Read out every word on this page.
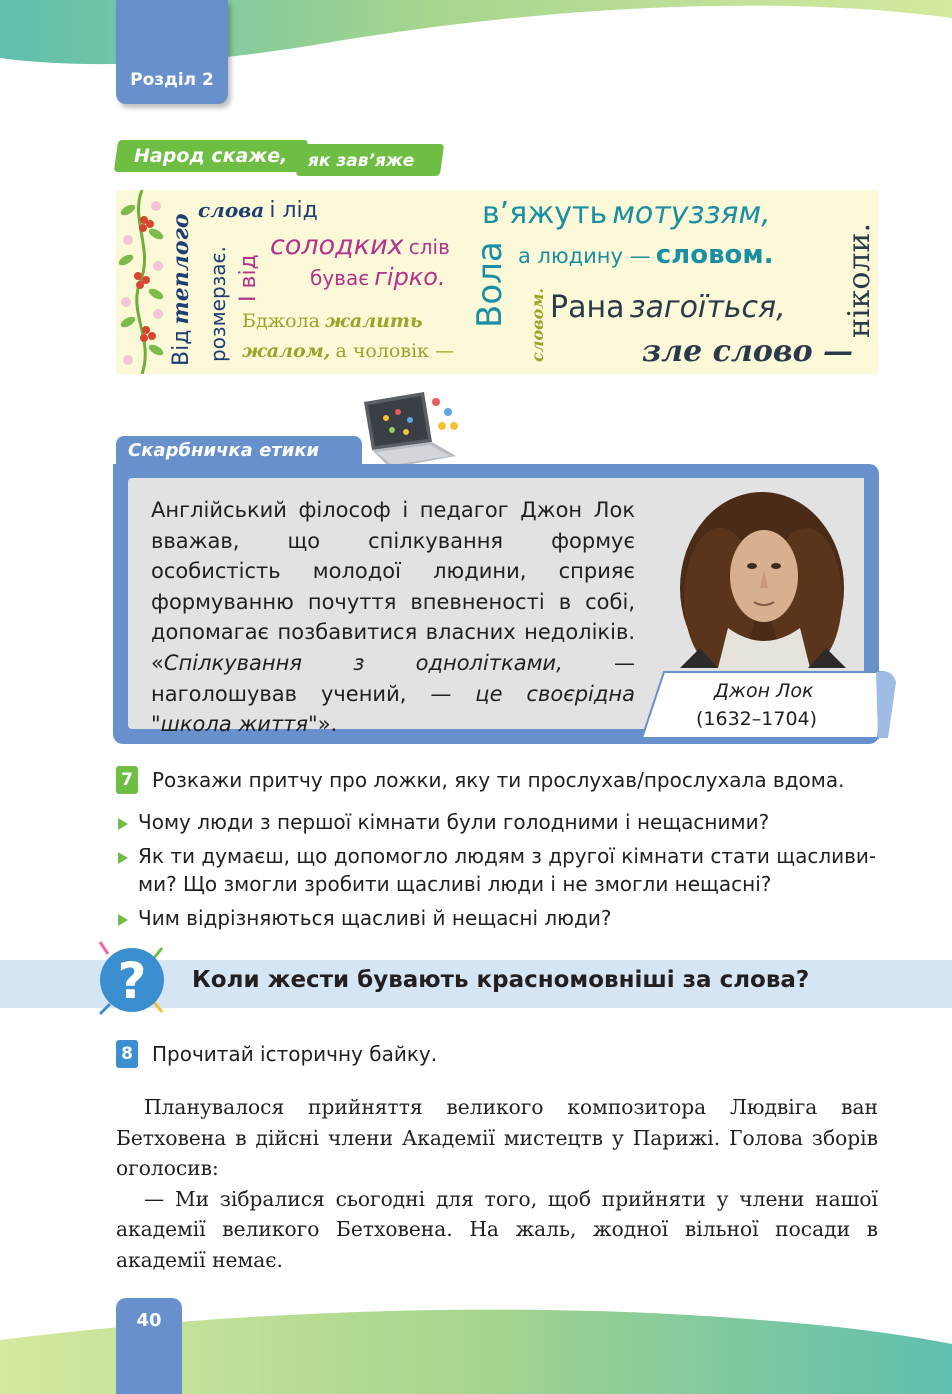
Розділ 2
Народ скаже, як зав’яже
Від теплого
слова і лід
розмерзає. І від
солодких слів
буває гірко.
Бджола жалить
жалом, а чоловік —
Вола словом.
в’яжуть мотуззям,
а людину — словом.
Рана загоїться,
зле слово —
ніколи.
Скарбничка етики
Англійський філософ і педагог Джон Лок вважав, що спілкування формує особистість молодої людини, сприяє формуванню почуття впевненості в собі, допомагає позбавитися власних недоліків. «Спілкування з однолітками, — наголошував учений, — це своєрідна "школа життя"».
Джон Лок
(1632–1704)
7 Розкажи притчу про ложки, яку ти прослухав/прослухала вдома.
Чому люди з першої кімнати були голодними і нещасними?
Як ти думаєш, що допомогло людям з другої кімнати стати щасливи-
ми? Що змогли зробити щасливі люди і не змогли нещасні?
Чим відрізняються щасливі й нещасні люди?
? Коли жести бувають красномовніші за слова?
8 Прочитай історичну байку.

Планувалося прийняття великого композитора Людвіга ван Бетховена в дійсні члени Академії мистецтв у Парижі. Голова зборів оголосив:

— Ми зібралися сьогодні для того, щоб прийняти у члени нашої академії великого Бетховена. На жаль, жодної вільної посади в академії немає.

40
